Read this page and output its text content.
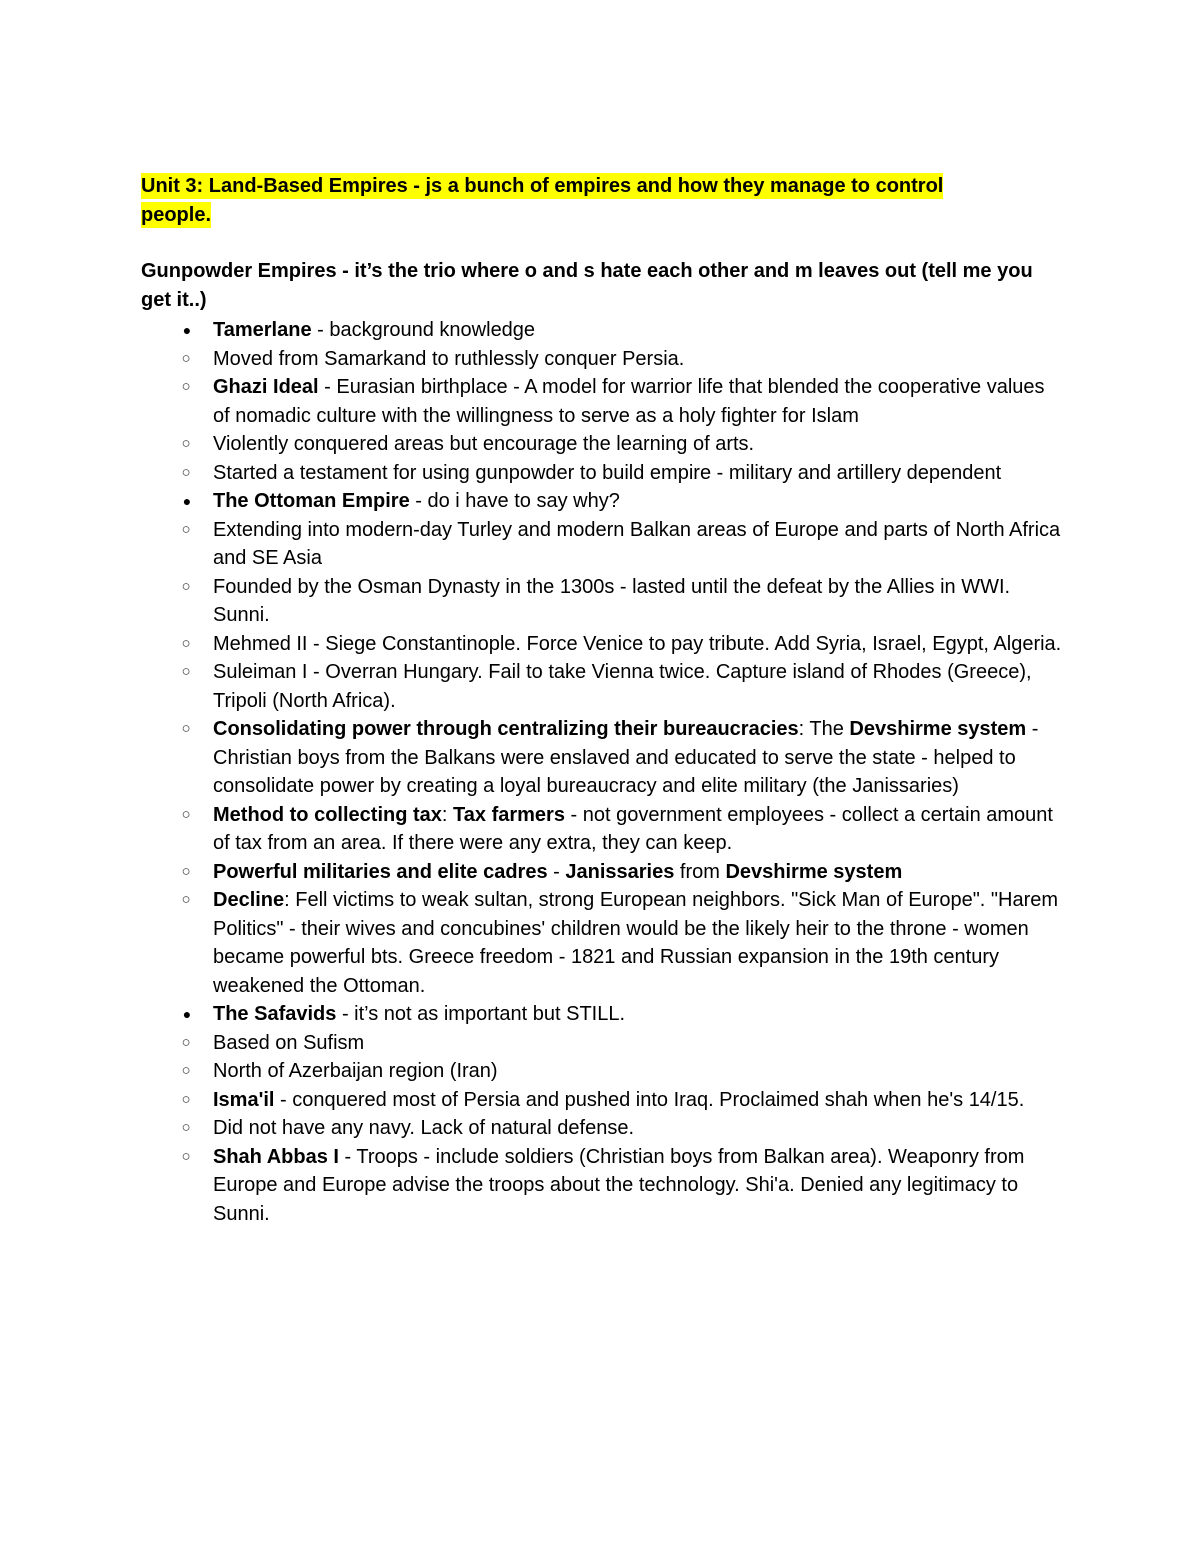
Unit 3: Land-Based Empires - js a bunch of empires and how they manage to control
people.

Gunpowder Empires - it’s the trio where o and s hate each other and m leaves out (tell me you get it..)

● Tamerlane - background knowledge
○	Moved from Samarkand to ruthlessly conquer Persia.
○	Ghazi Ideal - Eurasian birthplace - A model for warrior life that blended the cooperative values of nomadic culture with the willingness to serve as a holy fighter for Islam
○	Violently conquered areas but encourage the learning of arts.
○	Started a testament for using gunpowder to build empire - military and artillery dependent
● The Ottoman Empire - do i have to say why?
○	Extending into modern-day Turley and modern Balkan areas of Europe and parts of North Africa and SE Asia
○	Founded by the Osman Dynasty in the 1300s - lasted until the defeat by the Allies in WWI. Sunni.
○	Mehmed II - Siege Constantinople. Force Venice to pay tribute. Add Syria, Israel, Egypt, Algeria.
○	Suleiman I - Overran Hungary. Fail to take Vienna twice. Capture island of Rhodes (Greece), Tripoli (North Africa).
○	Consolidating power through centralizing their bureaucracies: The Devshirme system - Christian boys from the Balkans were enslaved and educated to serve the state - helped to consolidate power by creating a loyal bureaucracy and elite military (the Janissaries)
○	Method to collecting tax: Tax farmers - not government employees - collect a certain amount of tax from an area. If there were any extra, they can keep.
○	Powerful militaries and elite cadres - Janissaries from Devshirme system
○	Decline: Fell victims to weak sultan, strong European neighbors. "Sick Man of Europe". "Harem Politics" - their wives and concubines' children would be the likely heir to the throne - women became powerful bts. Greece freedom - 1821 and Russian expansion in the 19th century weakened the Ottoman.
● The Safavids - it’s not as important but STILL.
○	Based on Sufism
○	North of Azerbaijan region (Iran)
○	Isma'il - conquered most of Persia and pushed into Iraq. Proclaimed shah when he's 14/15.
○	Did not have any navy. Lack of natural defense.
○	Shah Abbas I - Troops - include soldiers (Christian boys from Balkan area). Weaponry from Europe and Europe advise the troops about the technology. Shi'a. Denied any legitimacy to Sunni.
